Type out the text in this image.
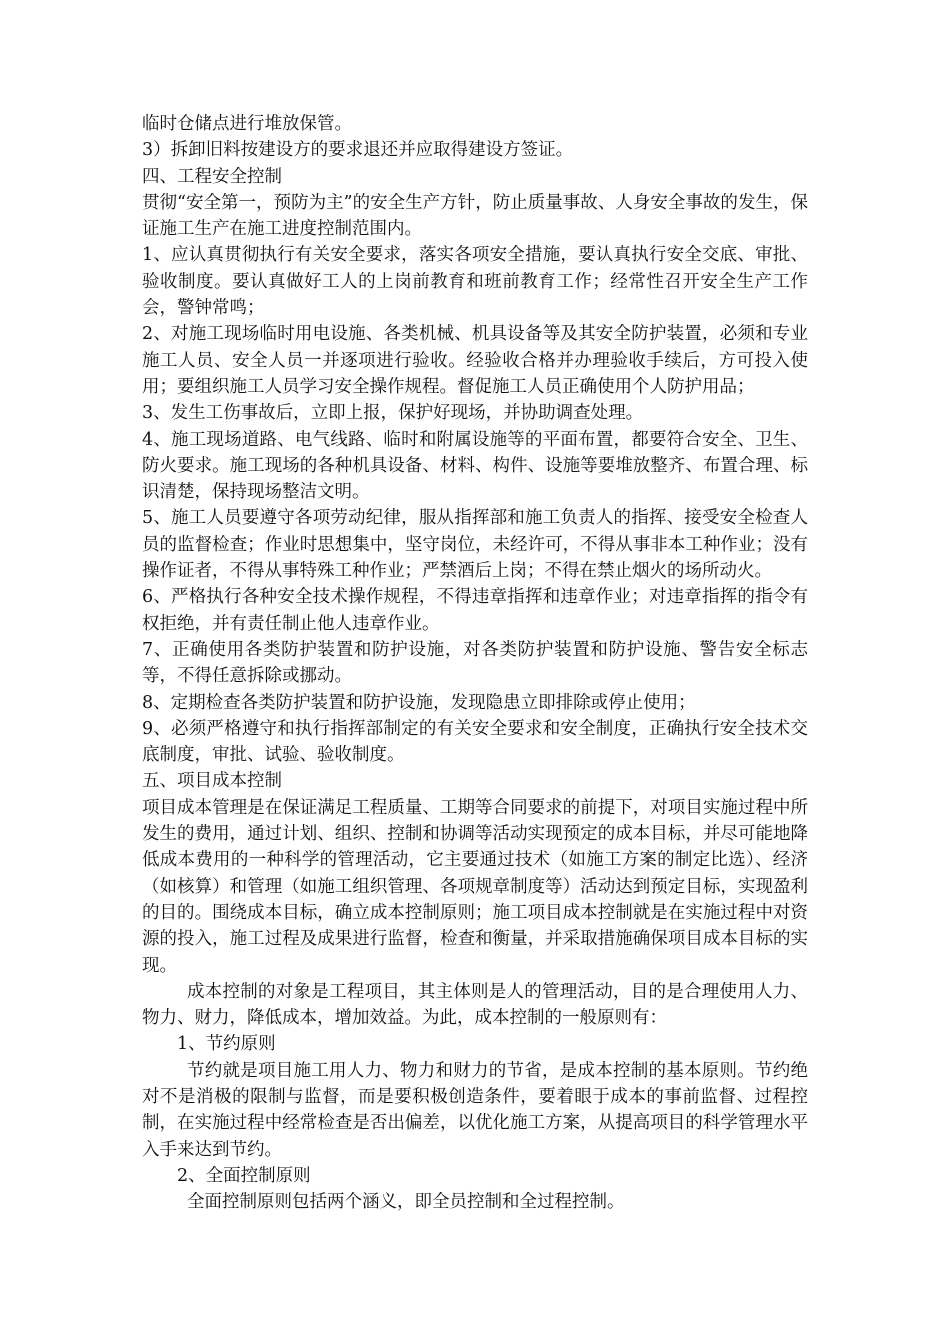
临时仓储点进行堆放保管。

3）拆卸旧料按建设方的要求退还并应取得建设方签证。

四、工程安全控制

贯彻“安全第一，预防为主”的安全生产方针，防止质量事故、人身安全事故的发生，保证施工生产在施工进度控制范围内。

1、应认真贯彻执行有关安全要求，落实各项安全措施，要认真执行安全交底、审批、验收制度。要认真做好工人的上岗前教育和班前教育工作；经常性召开安全生产工作会，警钟常鸣；

2、对施工现场临时用电设施、各类机械、机具设备等及其安全防护装置，必须和专业施工人员、安全人员一并逐项进行验收。经验收合格并办理验收手续后，方可投入使用；要组织施工人员学习安全操作规程。督促施工人员正确使用个人防护用品；

3、发生工伤事故后，立即上报，保护好现场，并协助调查处理。

4、施工现场道路、电气线路、临时和附属设施等的平面布置，都要符合安全、卫生、防火要求。施工现场的各种机具设备、材料、构件、设施等要堆放整齐、布置合理、标识清楚，保持现场整洁文明。

5、施工人员要遵守各项劳动纪律，服从指挥部和施工负责人的指挥、接受安全检查人员的监督检查；作业时思想集中，坚守岗位，未经许可，不得从事非本工种作业；没有操作证者，不得从事特殊工种作业；严禁酒后上岗；不得在禁止烟火的场所动火。

6、严格执行各种安全技术操作规程，不得违章指挥和违章作业；对违章指挥的指令有权拒绝，并有责任制止他人违章作业。

7、正确使用各类防护装置和防护设施，对各类防护装置和防护设施、警告安全标志等，不得任意拆除或挪动。

8、定期检查各类防护装置和防护设施，发现隐患立即排除或停止使用；

9、必须严格遵守和执行指挥部制定的有关安全要求和安全制度，正确执行安全技术交底制度，审批、试验、验收制度。

五、项目成本控制

项目成本管理是在保证满足工程质量、工期等合同要求的前提下，对项目实施过程中所发生的费用，通过计划、组织、控制和协调等活动实现预定的成本目标，并尽可能地降低成本费用的一种科学的管理活动，它主要通过技术（如施工方案的制定比选）、经济（如核算）和管理（如施工组织管理、各项规章制度等）活动达到预定目标，实现盈利的目的。围绕成本目标，确立成本控制原则；施工项目成本控制就是在实施过程中对资源的投入，施工过程及成果进行监督，检查和衡量，并采取措施确保项目成本目标的实现。

成本控制的对象是工程项目，其主体则是人的管理活动，目的是合理使用人力、物力、财力，降低成本，增加效益。为此，成本控制的一般原则有：

1、节约原则

节约就是项目施工用人力、物力和财力的节省，是成本控制的基本原则。节约绝对不是消极的限制与监督，而是要积极创造条件，要着眼于成本的事前监督、过程控制，在实施过程中经常检查是否出偏差，以优化施工方案，从提高项目的科学管理水平入手来达到节约。

2、全面控制原则

全面控制原则包括两个涵义，即全员控制和全过程控制。
